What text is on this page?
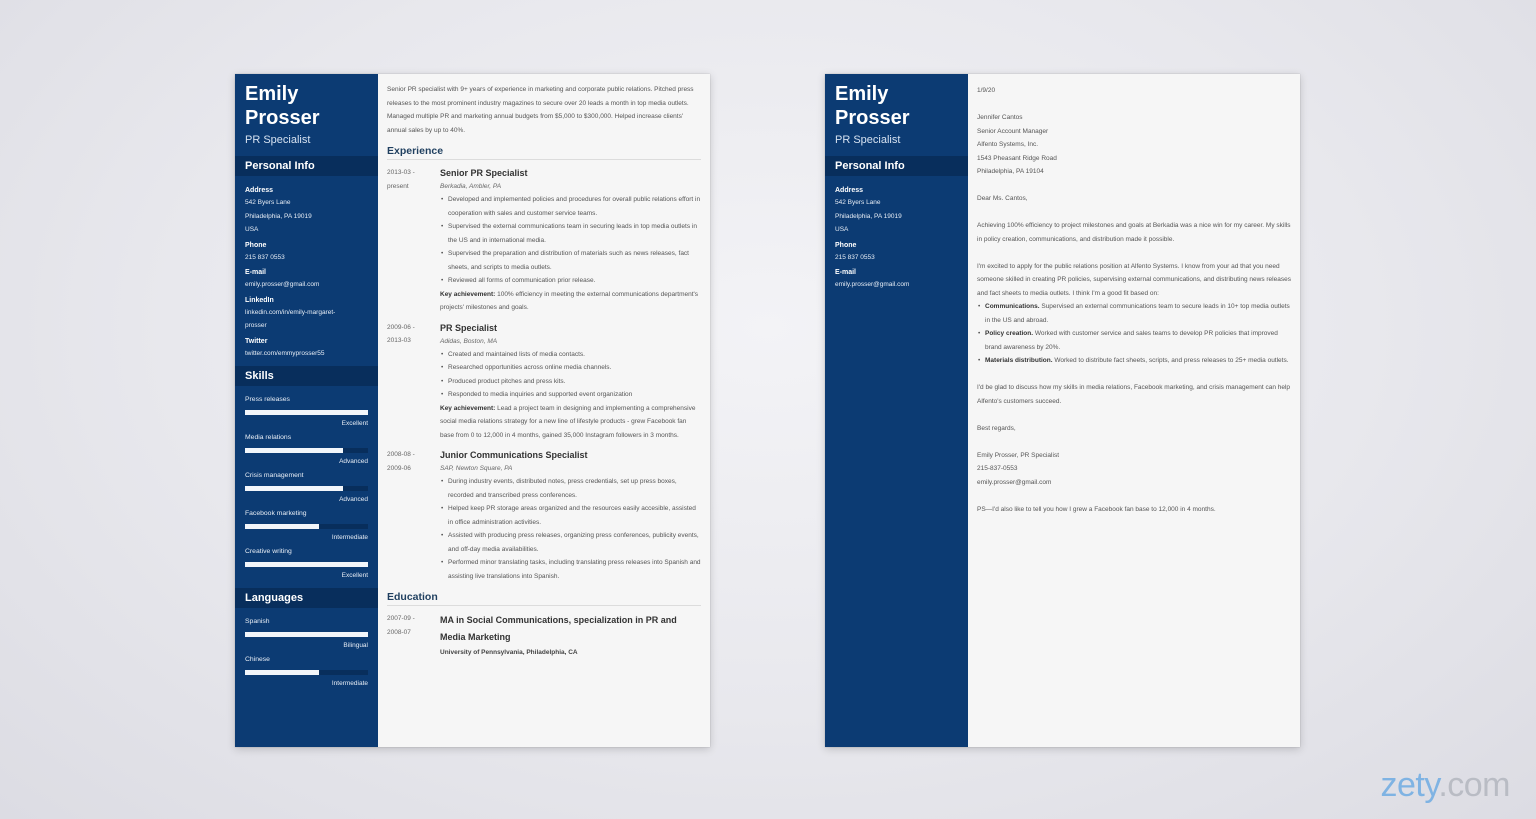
Emily
Prosser
PR Specialist
Personal Info
Address
542 Byers Lane
Philadelphia, PA 19019
USA
Phone
215 837 0553
E-mail
emily.prosser@gmail.com
LinkedIn
linkedin.com/in/emily-margaret-
prosser
Twitter
twitter.com/emmyprosser55
Skills
Press releases
Excellent
Media relations
Advanced
Crisis management
Advanced
Facebook marketing
Intermediate
Creative writing
Excellent
Languages
Spanish
Bilingual
Chinese
Intermediate
Senior PR specialist with 9+ years of experience in marketing and corporate public relations. Pitched press releases to the most prominent industry magazines to secure over 20 leads a month in top media outlets. Managed multiple PR and marketing annual budgets from $5,000 to $300,000. Helped increase clients' annual sales by up to 40%.
Experience
2013-03 -
present
Senior PR Specialist
Berkadia, Ambler, PA
• Developed and implemented policies and procedures for overall public relations effort in cooperation with sales and customer service teams.
• Supervised the external communications team in securing leads in top media outlets in the US and in international media.
• Supervised the preparation and distribution of materials such as news releases, fact sheets, and scripts to media outlets.
• Reviewed all forms of communication prior release.
Key achievement: 100% efficiency in meeting the external communications department's projects' milestones and goals.
2009-06 -
2013-03
PR Specialist
Adidas, Boston, MA
• Created and maintained lists of media contacts.
• Researched opportunities across online media channels.
• Produced product pitches and press kits.
• Responded to media inquiries and supported event organization
Key achievement: Lead a project team in designing and implementing a comprehensive social media relations strategy for a new line of lifestyle products - grew Facebook fan base from 0 to 12,000 in 4 months, gained 35,000 Instagram followers in 3 months.
2008-08 -
2009-06
Junior Communications Specialist
SAP, Newton Square, PA
• During industry events, distributed notes, press credentials, set up press boxes, recorded and transcribed press conferences.
• Helped keep PR storage areas organized and the resources easily accesible, assisted in office administration activities.
• Assisted with producing press releases, organizing press conferences, publicity events, and off-day media availabilities.
• Performed minor translating tasks, including translating press releases into Spanish and assisting live translations into Spanish.
Education
2007-09 -
2008-07
MA in Social Communications, specialization in PR and Media Marketing
University of Pennsylvania, Philadelphia, CA
Emily
Prosser
PR Specialist
Personal Info
Address
542 Byers Lane
Philadelphia, PA 19019
USA
Phone
215 837 0553
E-mail
emily.prosser@gmail.com

1/9/20

Jennifer Cantos
Senior Account Manager
Alfento Systems, Inc.
1543 Pheasant Ridge Road
Philadelphia, PA 19104

Dear Ms. Cantos,

Achieving 100% efficiency to project milestones and goals at Berkadia was a nice win for my career. My skills in policy creation, communications, and distribution made it possible.

I'm excited to apply for the public relations position at Alfento Systems. I know from your ad that you need someone skilled in creating PR policies, supervising external communications, and distributing news releases and fact sheets to media outlets. I think I'm a good fit based on:

• Communications. Supervised an external communications team to secure leads in 10+ top media outlets in the US and abroad.
• Policy creation. Worked with customer service and sales teams to develop PR policies that improved brand awareness by 20%.
• Materials distribution. Worked to distribute fact sheets, scripts, and press releases to 25+ media outlets.

I'd be glad to discuss how my skills in media relations, Facebook marketing, and crisis management can help Alfento's customers succeed.

Best regards,

Emily Prosser, PR Specialist
215-837-0553
emily.prosser@gmail.com

PS—I'd also like to tell you how I grew a Facebook fan base to 12,000 in 4 months.

zety.com
